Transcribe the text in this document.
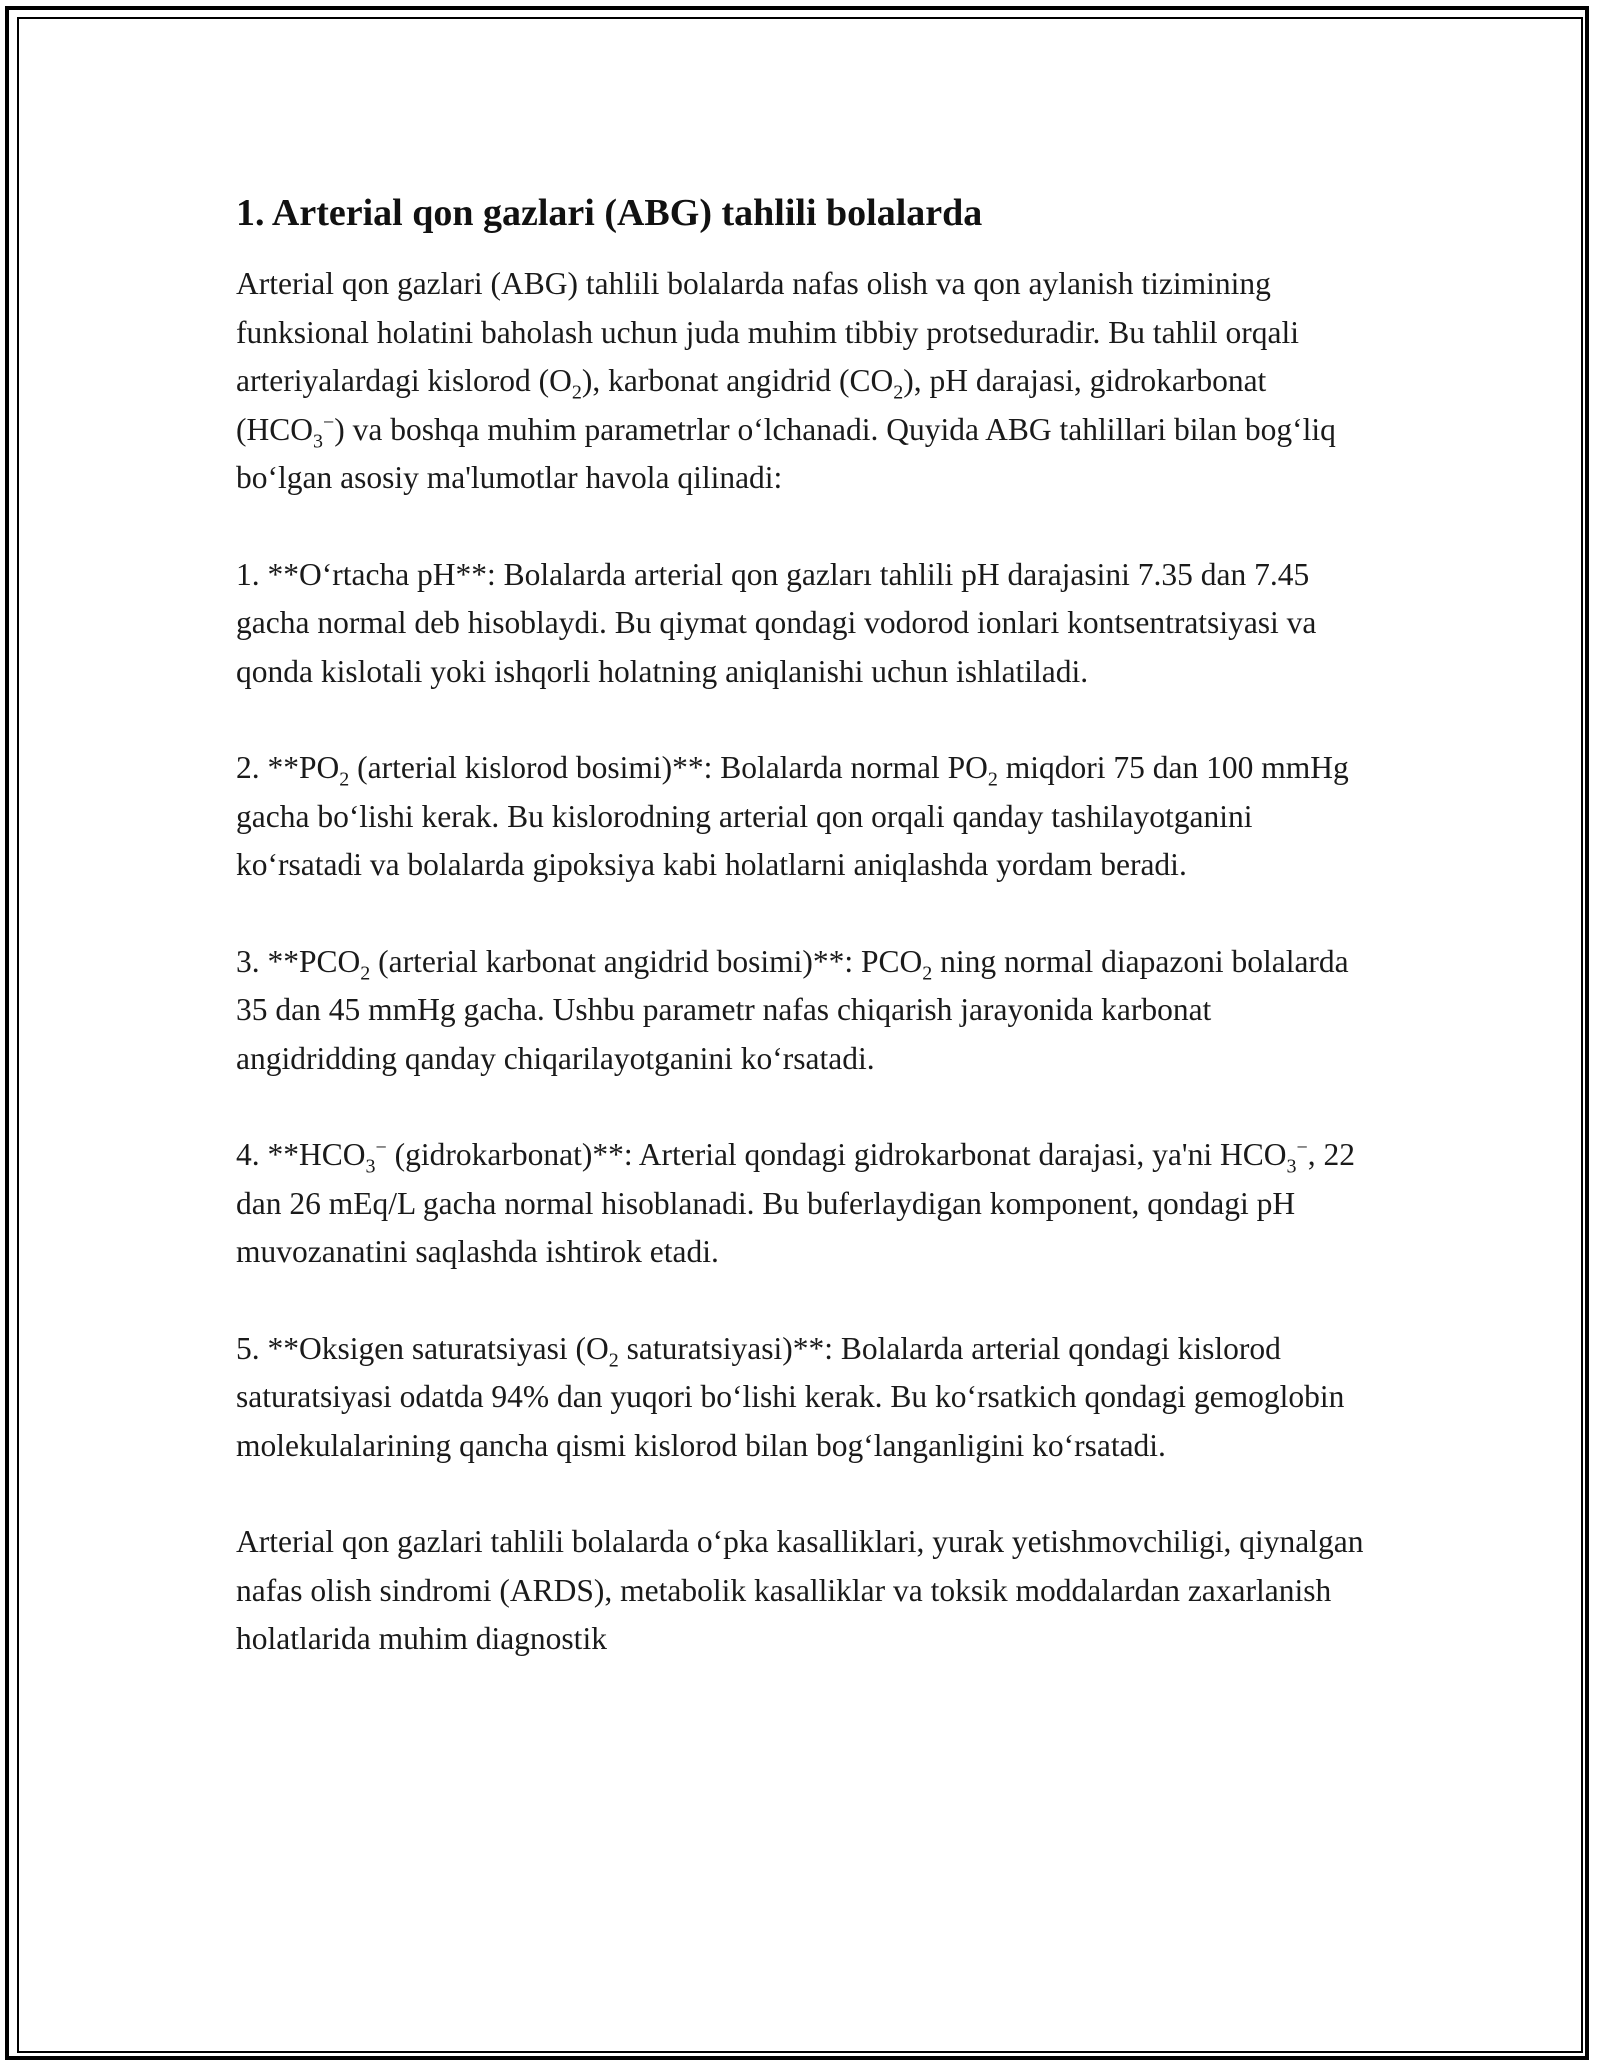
1. Arterial qon gazlari (ABG) tahlili bolalarda

Arterial qon gazlari (ABG) tahlili bolalarda nafas olish va qon aylanish tizimining funksional holatini baholash uchun juda muhim tibbiy protseduradir. Bu tahlil orqali arteriyalardagi kislorod $(O_2)$, karbonat angidrid $(CO_2)$, pH darajasi, gidrokarbonat $(HCO_3^-)$ va boshqa muhim parametrlar o‘lchanadi. Quyida ABG tahlillari bilan bog‘liq bo‘lgan asosiy ma'lumotlar havola qilinadi:

1. **O‘rtacha pH**: Bolalarda arterial qon gazları tahlili pH darajasini 7.35 dan 7.45 gacha normal deb hisoblaydi. Bu qiymat qondagi vodorod ionlari kontsentratsiyasi va qonda kislotali yoki ishqorli holatning aniqlanishi uchun ishlatiladi.

2. $**PO_2$ (arterial kislorod bosimi)**: Bolalarda normal $PO_2$ miqdori 75 dan 100 mmHg gacha bo‘lishi kerak. Bu kislorodning arterial qon orqali qanday tashilayotganini ko‘rsatadi va bolalarda gipoksiya kabi holatlarni aniqlashda yordam beradi.

3. $**PCO_2$ (arterial karbonat angidrid bosimi)**: $PCO_2$ ning normal diapazoni bolalarda 35 dan 45 mmHg gacha. Ushbu parametr nafas chiqarish jarayonida karbonat angidridding qanday chiqarilayotganini ko‘rsatadi.

4. $**HCO_3^-$ (gidrokarbonat)**: Arterial qondagi gidrokarbonat darajasi, ya'ni $HCO_3^-$, 22 dan 26 mEq/L gacha normal hisoblanadi. Bu buferlaydigan komponent, qondagi pH muvozanatini saqlashda ishtirok etadi.

5. **Oksigen saturatsiyasi ($O_2$ saturatsiyasi)**: Bolalarda arterial qondagi kislorod saturatsiyasi odatda 94% dan yuqori bo‘lishi kerak. Bu ko‘rsatkich qondagi gemoglobin molekulalarining qancha qismi kislorod bilan bog‘langanligini ko‘rsatadi.

Arterial qon gazlari tahlili bolalarda o‘pka kasalliklari, yurak yetishmovchiligi, qiynalgan nafas olish sindromi (ARDS), metabolik kasalliklar va toksik moddalardan zaxarlanish holatlarida muhim diagnostik
